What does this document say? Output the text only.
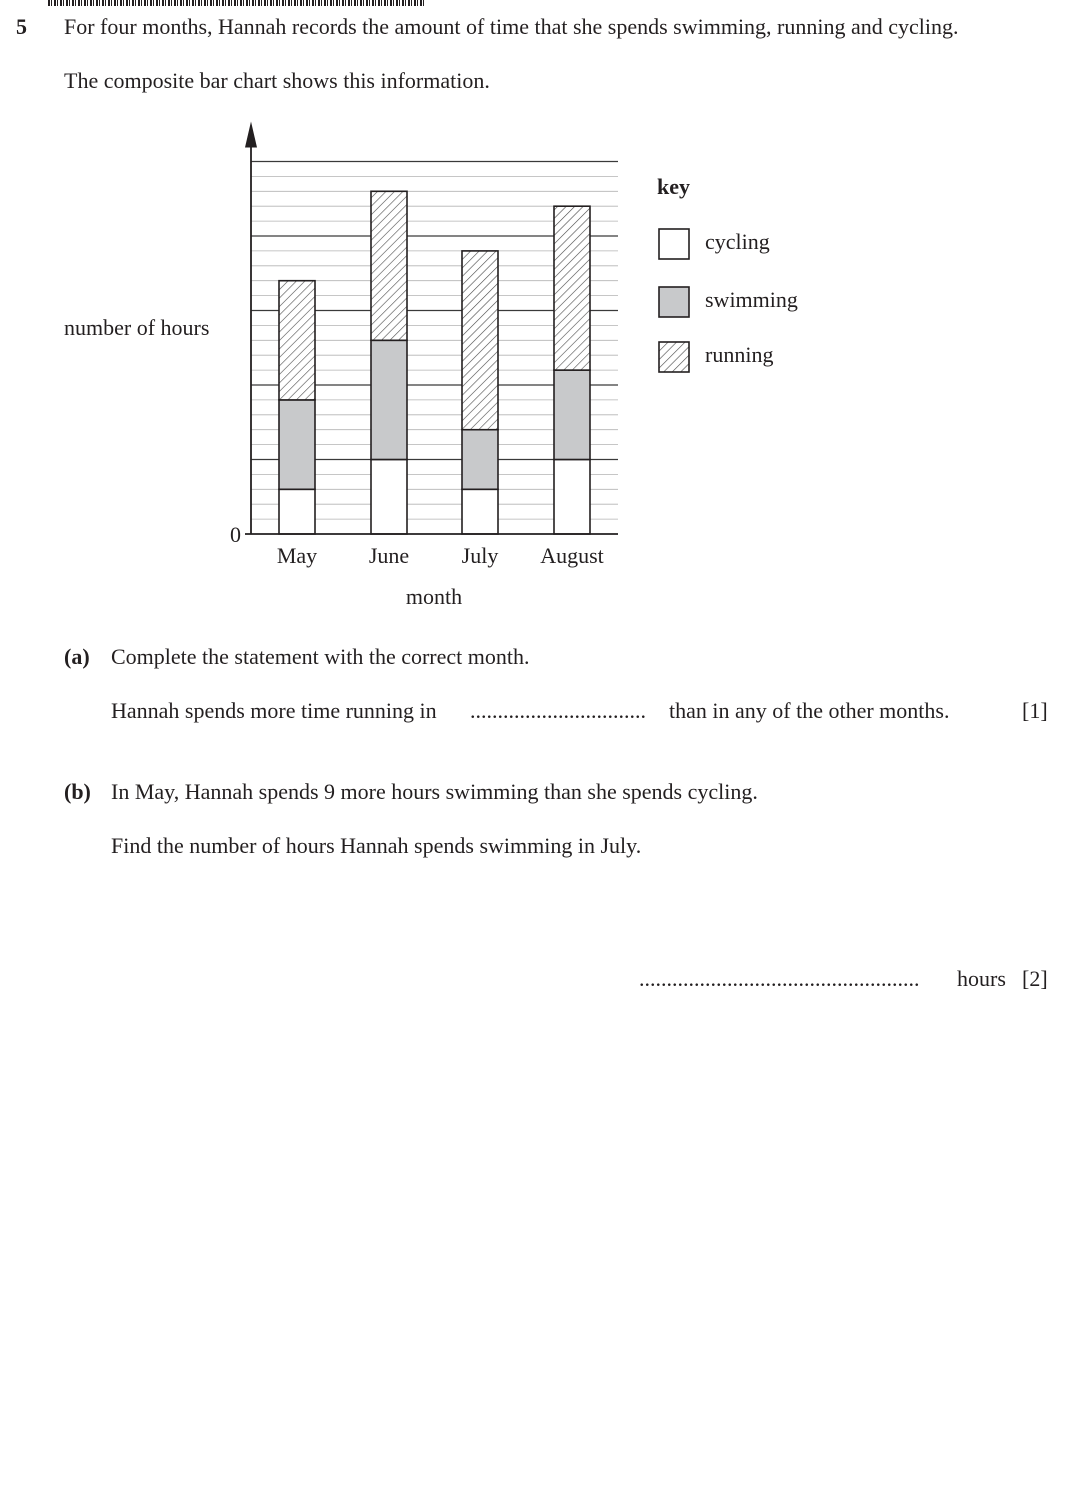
5 For four months, Hannah records the amount of time that she spends swimming, running and cycling.
The composite bar chart shows this information.
0
May June July August
month
number of hours
key
cycling
swimming
running
(a) Complete the statement with the correct month.
Hannah spends more time running in ................................ than in any of the other months.	[1]
(b) In May, Hannah spends 9 more hours swimming than she spends cycling.
Find the number of hours Hannah spends swimming in July.
................................................... hours [2]
